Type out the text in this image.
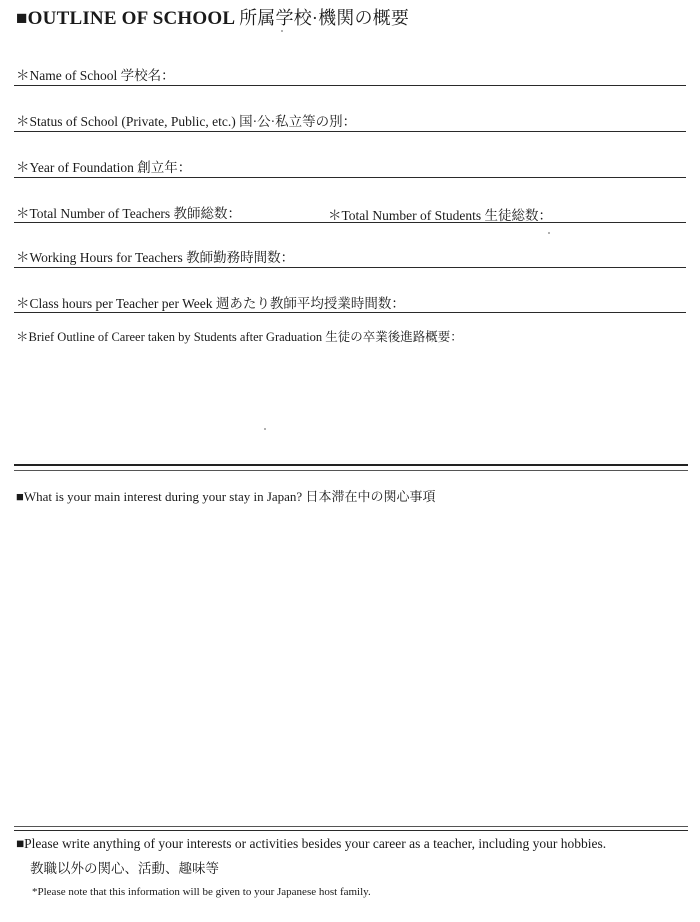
■OUTLINE OF SCHOOL 所属学校·機関の概要
＊Name of School 学校名：
＊Status of School (Private, Public, etc.) 国·公·私立等の別：
＊Year of Foundation 創立年：
＊Total Number of Teachers 教師総数：	＊Total Number of Students 生徒総数：
＊Working Hours for Teachers 教師勤務時間数：
＊Class hours per Teacher per Week 週あたり教師平均授業時間数：
＊Brief Outline of Career taken by Students after Graduation 生徒の卒業後進路概要：
■What is your main interest during your stay in Japan? 日本滞在中の関心事項
■Please write anything of your interests or activities besides your career as a teacher, including your hobbies.
教職以外の関心、活動、趣味等
*Please note that this information will be given to your Japanese host family.
